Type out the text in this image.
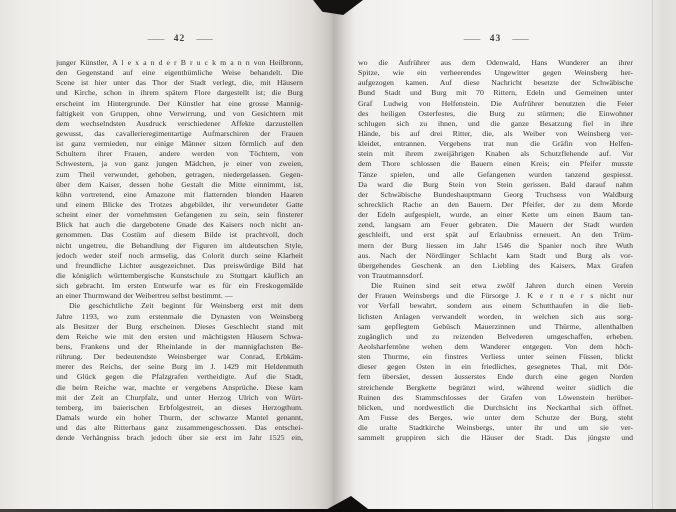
—— 42 ——	—— 43 ——
junger Künstler, A l e x a n d e r B r u c k m a n n von Heilbronn,
den Gegenstand auf eine eigenthümliche Weise behandelt. Die
Scene ist hier unter das Thor der Stadt verlegt, die, mit Häusern
und Kirche, schon in ihrem spätern Flore dargestellt ist; die Burg
erscheint im Hintergrunde. Der Künstler hat eine grosse Mannig-
faltigkeit von Gruppen, ohne Verwirrung, und von Gesichtern mit
dem wechselndsten Ausdruck verschiedener Affekte darzustellen
gewusst, das cavallerieregimentartige Aufmarschiren der Frauen
ist ganz vermieden, nur einige Männer sitzen förmlich auf den
Schultern ihrer Frauen, andere werden von Töchtern, von
Schwestern, ja von ganz jungen Mädchen, je einer von zweien,
zum Theil verwundet, gehoben, getragen, niedergelassen. Gegen-
über dem Kaiser, dessen hohe Gestalt die Mitte einnimmt, ist,
kühn vortretend, eine Amazone mit flatternden blonden Haaren
und einem Blicke des Trotzes abgebildet, ihr verwundeter Gatte
scheint einer der vornehmsten Gefangenen zu sein, sein finsterer
Blick hat auch die dargebotene Gnade des Kaisers noch nicht an-
genommen. Das Costüm auf diesem Bilde ist prachtvoll, doch
nicht ungetreu, die Behandlung der Figuren im altdeutschen Style,
jedoch weder steif noch armselig, das Colorit durch seine Klarheit
und freundliche Lichter ausgezeichnet. Das preiswürdige Bild hat
die königlich württembergische Kunstschule zu Stuttgart käuflich an
sich gebracht. Im ersten Entwurfe war es für ein Freskogemälde
an einer Thurmwand der Weibertreu selbst bestimmt. —
Die geschichtliche Zeit beginnt für Weinsberg erst mit dem
Jahre 1193, wo zum erstenmale die Dynasten von Weinsberg
als Besitzer der Burg erscheinen. Dieses Geschlecht stand mit
dem Reiche wie mit den ersten und mächtigsten Häusern Schwa-
bens, Frankens und der Rheinlande in der mannigfachsten Be-
rührung. Der bedeutendste Weinsberger war Conrad, Erbkäm-
merer des Reichs, der seine Burg im J. 1429 mit Heldenmuth
und Glück gegen die Pfalzgrafen vertheidigte. Auf die Stadt,
die beim Reiche war, machte er vergebens Ansprüche. Diese kam
mit der Zeit an Churpfalz, und unter Herzog Ulrich von Würt-
temberg, im baierischen Erbfolgestreit, an dieses Herzogthum.
Damals wurde ein hoher Thurm, der schwarze Mantel genannt,
und das alte Ritterhaus ganz zusammengeschossen. Das entschei-
dende Verhängniss brach jedoch über sie erst im Jahr 1525 ein,
wo die Aufrührer aus dem Odenwald, Hans Wunderer an ihrer
Spitze, wie ein verheerendes Ungewitter gegen Weinsberg her-
aufgezogen kamen. Auf diese Nachricht besetzte der Schwäbische
Bund Stadt und Burg mit 70 Rittern, Edeln und Gemeinen unter
Graf Ludwig von Helfenstein. Die Aufrührer benutzten die Feier
des heiligen Osterfestes, die Burg zu stürmen; die Einwohner
schlugen sich zu ihnen, und die ganze Besatzung fiel in ihre
Hände, bis auf drei Ritter, die, als Weiber von Weinsberg ver-
kleidet, entrannen. Vergebens trat nun die Gräfin von Helfen-
stein mit ihrem zweijährigen Knaben als Schutzflehende auf. Vor
dem Thore schlossen die Bauern einen Kreis; ein Pfeifer musste
Tänze spielen, und alle Gefangenen wurden tanzend gespiesst.
Da ward die Burg Stein von Stein gerissen. Bald darauf nahm
der Schwäbische Bundeshauptmann Georg Truchsess von Waldburg
schrecklich Rache an den Bauern. Der Pfeifer, der zu dem Morde
der Edeln aufgespielt, wurde, an einer Kette um einen Baum tan-
zend, langsam am Feuer gebraten. Die Mauern der Stadt wurden
geschleift, und erst spät auf Erlaubniss erneuert. An den Trüm-
mern der Burg liessen im Jahr 1546 die Spanier noch ihre Wuth
aus. Nach der Nördlinger Schlacht kam Stadt und Burg als vor-
übergehendes Geschenk an den Liebling des Kaisers, Max Grafen
von Trautmannsdorf.
Die Ruinen sind seit etwa zwölf Jahren durch einen Verein
der Frauen Weinsbergs und die Fürsorge J. K e r n e r s nicht nur
vor Verfall bewahrt, sondern aus einem Schutthaufen in die lieb-
lichsten Anlagen verwandelt worden, in welchen sich aus sorg-
sam gepflegtem Gebüsch Mauerzinnen und Thürme, allenthalben
zugänglich und zu reizenden Belvederen umgeschaffen, erheben.
Aeolsharfentöne wehen dem Wanderer entgegen. Von dem höch-
sten Thurme, ein finstres Verliess unter seinen Füssen, blickt
dieser gegen Osten in ein friedliches, gesegnetes Thal, mit Dör-
fern übersäet, dessen äusserstes Ende durch eine gegen Norden
streichende Bergkette begränzt wird, während weiter südlich die
Ruinen des Stammschlosses der Grafen von Löwenstein herüber-
blicken, und nordwestlich die Durchsicht ins Neckarthal sich öffnet.
Am Fusse des Berges, wie unter dem Schutze der Burg, steht
die uralte Stadtkirche Weinsbergs, unter ihr und um sie ver-
sammelt gruppiren sich die Häuser der Stadt. Das jüngste und
